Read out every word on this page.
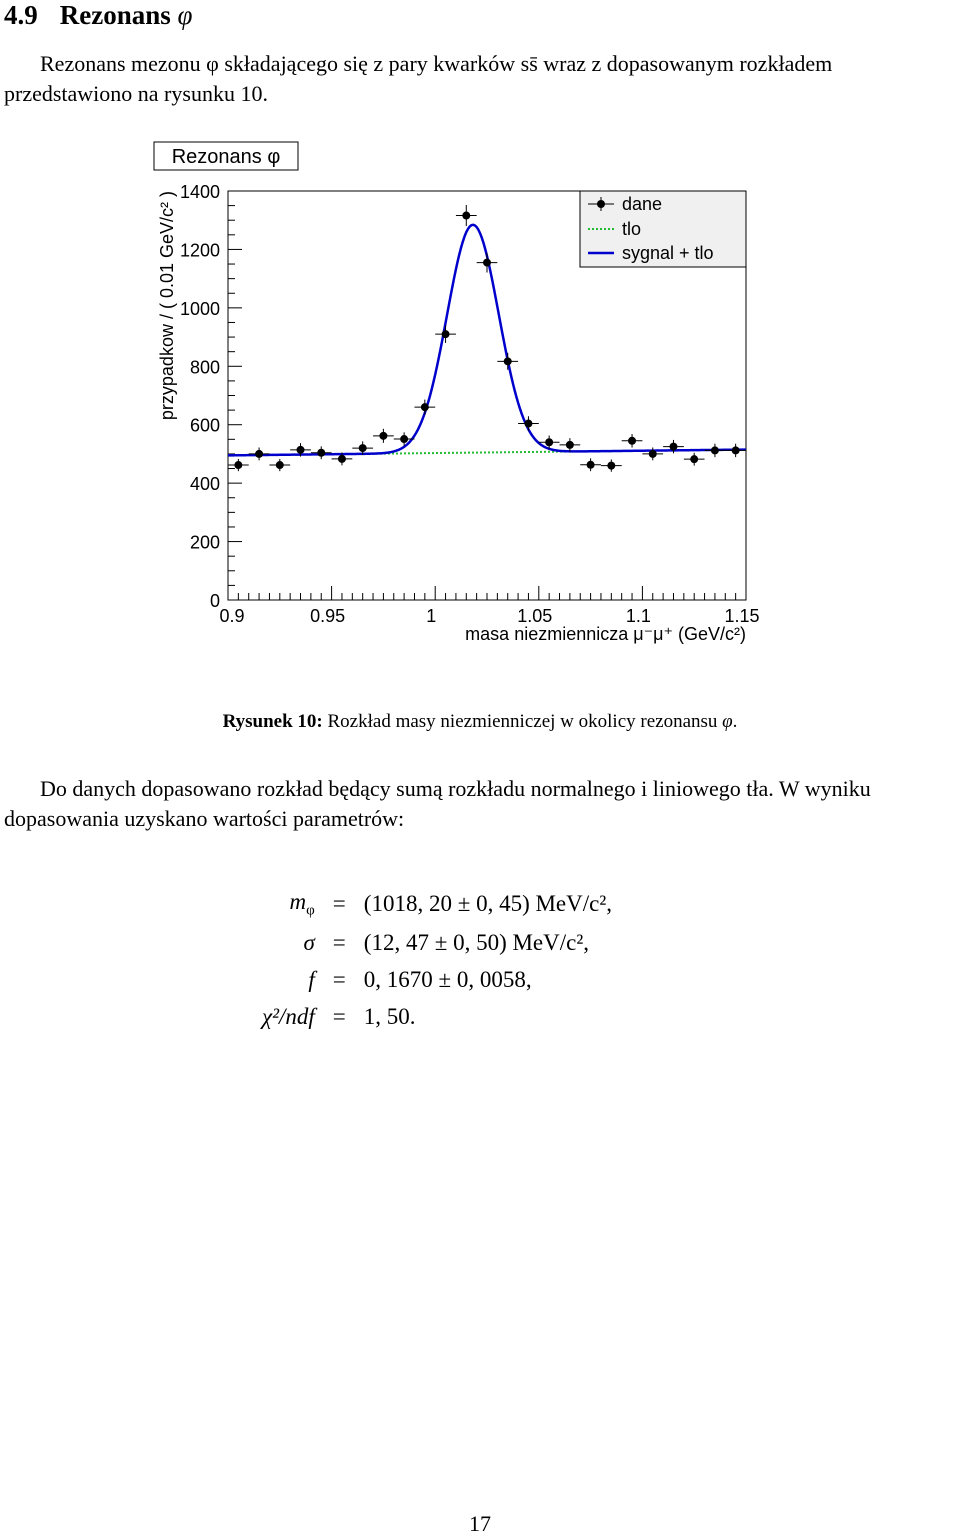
4.9 Rezonans φ

Rezonans mezonu φ składającego się z pary kwarków ss̄ wraz z dopasowanym rozkładem przedstawiono na rysunku 10.

Rezonans φ
0
200
400
600
800
1000
1200
1400
0.9	0.95	1	1.05	1.1	1.15
masa niezmiennicza μ⁻μ⁺ (GeV/c²)
przypadkow / ( 0.01 GeV/c² )	dane
tlo
sygnal + tlo
Rysunek 10: Rozkład masy niezmienniczej w okolicy rezonansu φ.

Do danych dopasowano rozkład będący sumą rozkładu normalnego i liniowego tła. W wyniku dopasowania uzyskano wartości parametrów:

$m_\varphi$	=	(1018, 20 ± 0, 45) MeV/c²,
σ	=	(12, 47 ± 0, 50) MeV/c²,
f	=	0, 1670 ± 0, 0058,
χ²/ndf	=	1, 50.
17
